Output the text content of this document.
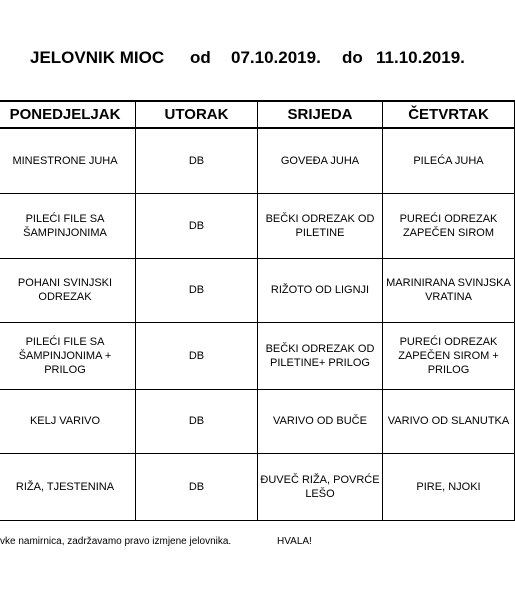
JELOVNIK MIOC od 07.10.2019. do 11.10.2019.
PONEDJELJAK	UTORAK	SRIJEDA	ČETVRTAK
MINESTRONE JUHA	DB	GOVEĐA JUHA	PILEĆA JUHA
PILEĆI FILE SA ŠAMPINJONIMA	DB	BEČKI ODREZAK OD PILETINE	PUREĆI ODREZAK ZAPEČEN SIROM
POHANI SVINJSKI ODREZAK	DB	RIŽOTO OD LIGNJI	MARINIRANA SVINJSKA VRATINA
PILEĆI FILE SA ŠAMPINJONIMA + PRILOG	DB	BEČKI ODREZAK OD PILETINE+ PRILOG	PUREĆI ODREZAK ZAPEČEN SIROM + PRILOG
KELJ VARIVO	DB	VARIVO OD BUČE	VARIVO OD SLANUTKA
RIŽA, TJESTENINA	DB	ĐUVEČ RIŽA, POVRĆE LEŠO	PIRE, NJOKI
vke namirnica, zadržavamo pravo izmjene jelovnika.	HVALA!
